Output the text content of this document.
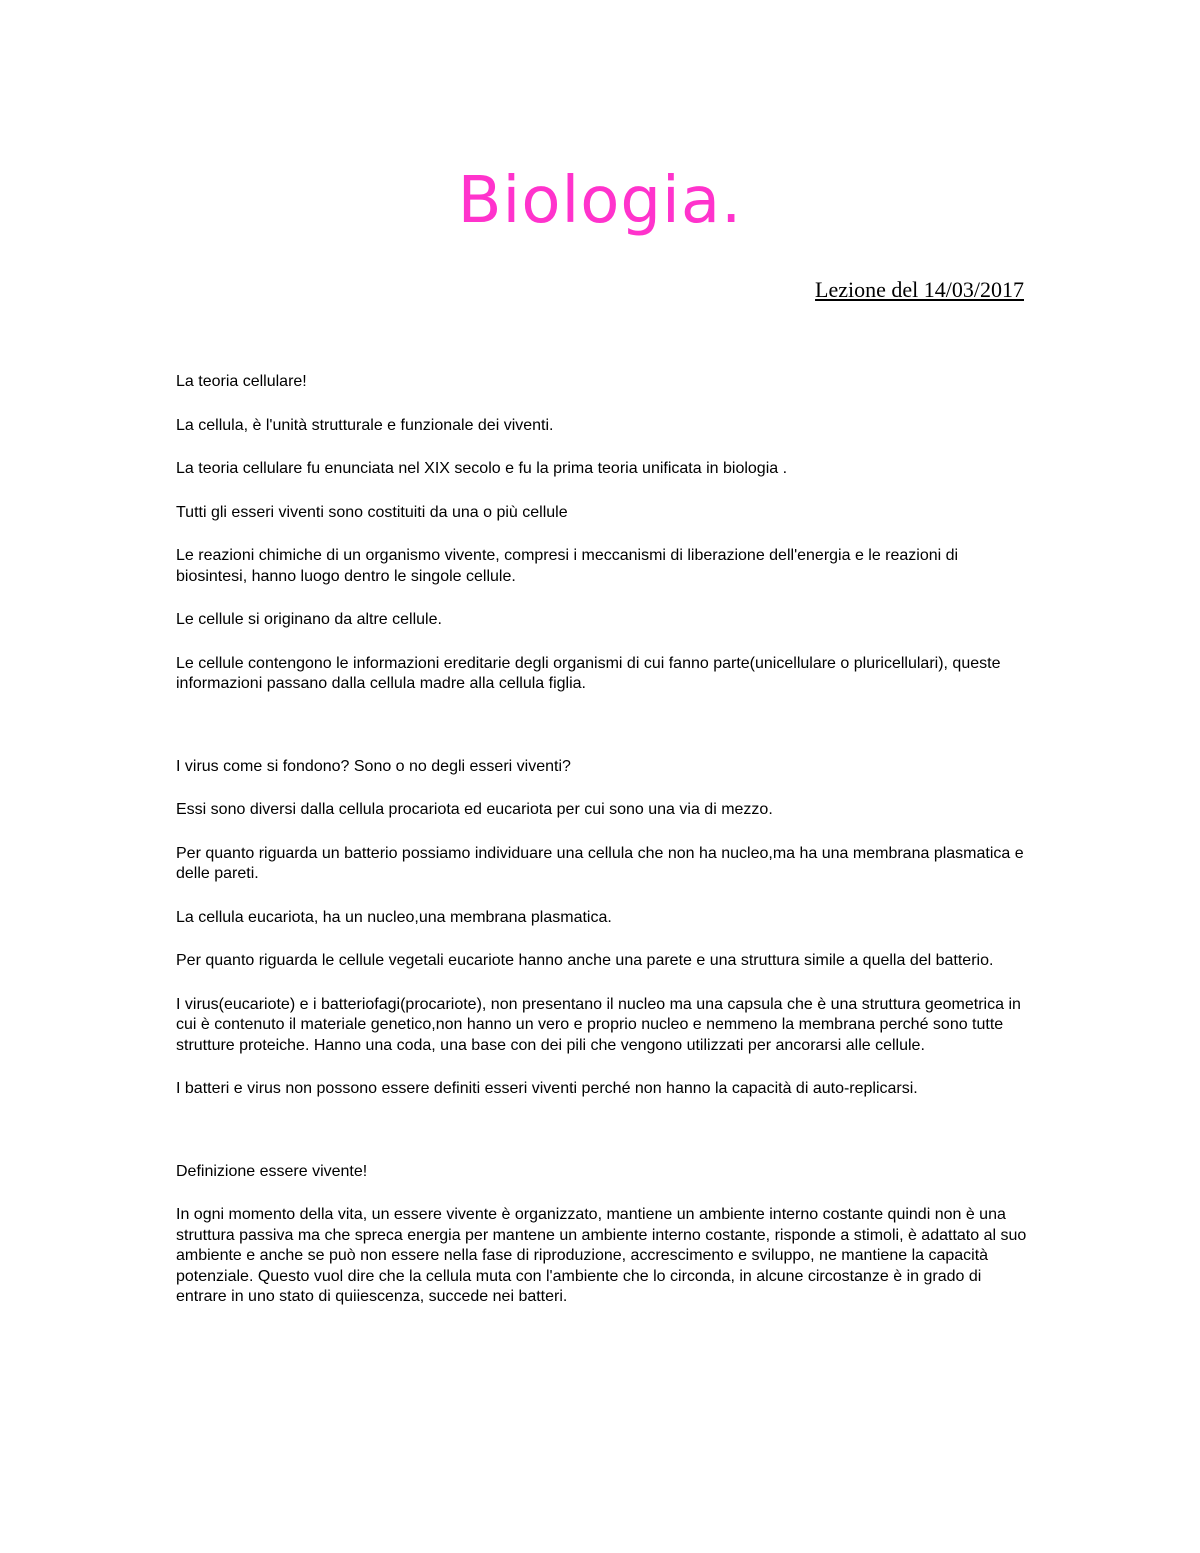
Biologia.
Lezione del 14/03/2017

La teoria cellulare!

La cellula, è l'unità strutturale e funzionale dei viventi.

La teoria cellulare fu enunciata nel XIX secolo e fu la prima teoria unificata in biologia .

Tutti gli esseri viventi sono costituiti da una o più cellule

Le reazioni chimiche di un organismo vivente, compresi i meccanismi di liberazione dell'energia e le reazioni di biosintesi, hanno luogo dentro le singole cellule.

Le cellule si originano da altre cellule.

Le cellule contengono le informazioni ereditarie degli organismi di cui fanno parte(unicellulare o pluricellulari), queste informazioni passano dalla cellula madre alla cellula figlia.

I virus come si fondono? Sono o no degli esseri viventi?

Essi sono diversi dalla cellula procariota ed eucariota per cui sono una via di mezzo.

Per quanto riguarda un batterio possiamo individuare una cellula che non ha nucleo,ma ha una membrana plasmatica e delle pareti.

La cellula eucariota, ha un nucleo,una membrana plasmatica.

Per quanto riguarda le cellule vegetali eucariote hanno anche una parete e una struttura simile a quella del batterio.

I virus(eucariote) e i batteriofagi(procariote), non presentano il nucleo ma una capsula che è una struttura geometrica in cui è contenuto il materiale genetico,non hanno un vero e proprio nucleo e nemmeno la membrana perché sono tutte strutture proteiche. Hanno una coda, una base con dei pili che vengono utilizzati per ancorarsi alle cellule.

I batteri e virus non possono essere definiti esseri viventi perché non hanno la capacità di auto-replicarsi.

Definizione essere vivente!

In ogni momento della vita, un essere vivente è organizzato, mantiene un ambiente interno costante quindi non è una struttura passiva ma che spreca energia per mantene un ambiente interno costante, risponde a stimoli, è adattato al suo ambiente e anche se può non essere nella fase di riproduzione, accrescimento e sviluppo, ne mantiene la capacità potenziale. Questo vuol dire che la cellula muta con l'ambiente che lo circonda, in alcune circostanze è in grado di entrare in uno stato di quiiescenza, succede nei batteri.
